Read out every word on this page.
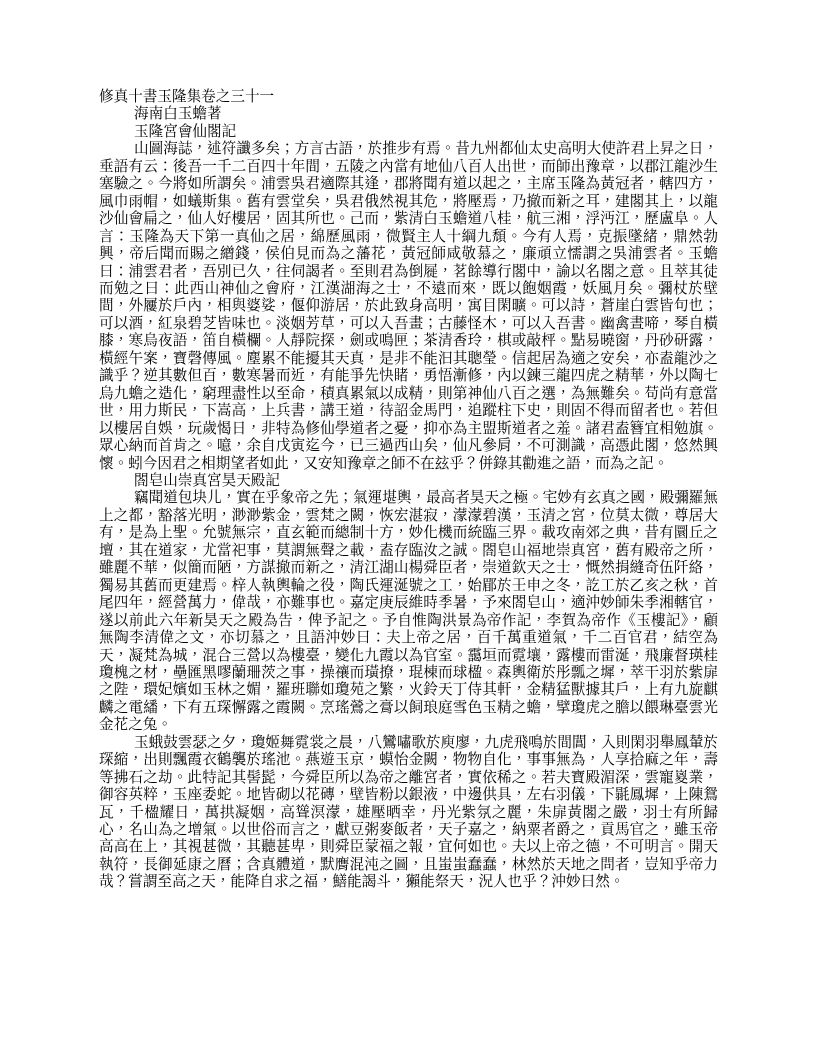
修真十書玉隆集卷之三十一

海南白玉蟾著

玉隆宮會仙閣記

山圖海誌，述符讖多矣；方言古語，於推步有焉。昔九州都仙太史高明大使許君上昇之日，垂語有云：後吾一千二百四十年間，五陵之內當有地仙八百人出世，而師出豫章，以郡江龍沙生塞驗之。今將如所謂矣。浦雲吳君適際其逢，郡將聞有道以起之，主席玉隆為黃冠者，轄四方，風巾雨帽，如蟻斯集。舊有雲堂矣，吳君俄然視其危，將壓焉，乃撤而新之耳，建閣其上，以龍沙仙會扁之，仙人好樓居，固其所也。己而，紫清白玉蟾道八桂，航三湘，浮沔江，歷盧阜。人言：玉隆為天下第一真仙之居，綿歷風雨，微賢主人十綱九頹。今有人焉，克振墜緒，鼎然勃興，帝后聞而賜之繒錢，侯伯見而為之藩花，黃冠師咸敬慕之，廉頑立懦謂之吳浦雲者。玉蟾曰：浦雲君者，吾別已久，往伺謁者。至則君為倒屣，茗餘導行閣中，諭以名閣之意。且萃其徒而勉之曰：此西山神仙之會府，江漢湖海之士，不遠而來，既以飽姻霞，妖風月矣。彌杖於壁間，外屨於戶內，相與婆娑，偃仰游居，於此致身高明，寓目閑曠。可以詩，蒼崖白雲皆句也；可以酒，紅泉碧芝皆味也。淡姻芳草，可以入吾畫；古藤怪木，可以入吾書。幽禽晝啼，琴自橫膝，寒烏夜語，笛自橫欄。人靜院探，劍或鳴匣；茶清香玲，棋或敲枰。點易曉窗，丹砂研露，橫經午案，寶磬傳風。塵累不能擾其天真，是非不能汩其聰瑩。信起居為適之安矣，亦盍龍沙之識乎？逆其數但百，數寒暑而近，有能爭先快睹，勇悟漸修，內以鍊三龍四虎之精華，外以陶七烏九蟾之造化，窮理盡性以至命，積真累氣以成精，則第神仙八百之選，為無難矣。苟尚有意當世，用力斯民，下嵩高，上兵書，講王道，待詔金馬門，追蹤柱下史，則固不得而留者也。若但以樓居自娛，玩歲愒日，非特為修仙學道者之憂，抑亦為主盟斯道者之羞。諸君盍簪宜相勉旗。眾心納而首肯之。噫，余自戊寅迄今，已三過西山矣，仙凡參肩，不可測識，高憑此閣，悠然興懷。蚓今因君之相期望者如此，又安知豫章之師不在玆乎？併錄其勸進之語，而為之記。

閤皂山崇真宮昊天殿記

竊聞道包块儿，實在乎象帝之先；氣運堪輿，最高者昊天之極。宅妙有玄真之國，殿彌羅無上之都，豁落光明，渺渺紫金，雲梵之闕，恢宏湛寂，濛濛碧漢，玉清之宮，位莫太微，尊居大有，是為上聖。允號無宗，直玄範而總制十方，妙化機而統臨三界。載攻南郊之典，昔有圜丘之壇，其在道家，尤當祀事，莫謂無聲之載，盍存臨汝之誠。閤皂山福地崇真宮，舊有殿帝之所，雖麗不華，似簡而陋，方謀撤而新之，清江湖山楊舜臣者，崇道欽天之士，慨然捐縫奇伍阡絡，獨易其舊而更建焉。梓人執輿輪之役，陶氏運涎號之工，始郿於壬申之冬，訖工於乙亥之秋，首尾四年，經營萬力，偉哉，亦難事也。嘉定庚辰維時季暑，予來閤皂山，適沖妙師朱季湘轄官，遂以前此六年新昊天之殿為告，俾予記之。予自惟陶洪景為帝作記，李賀為帝作《玉樓記》，顧無陶李清偉之文，亦切慕之，且語沖妙曰：夫上帝之居，百千萬重道氣，千二百官君，結空為天，凝梵為城，混合三營以為樓臺，變化九霞以為官室。靄垣而霓壤，露樓而雷涎，飛廉督瑛桂瓊槐之材，壘匯黑嘐蘭珊茨之事，操禳而璜撩，琨棟而球楹。森輿衛於彤瓢之墀，萃干羽於紫扉之陛，環妃嬪如玉林之媚，羅班聯如瓊苑之繁，火鈴天丁侍其軒，金精猛獸據其戶，上有九旋麒麟之電繙，下有五琛懈露之霞闕。烹瑤鶯之膏以飼琅庭雪色玉精之蟾，擘瓊虎之膽以餵琳臺雲光金花之兔。

玉蛾鼓雲瑟之夕，瓊姬舞霓裳之晨，八鸞嘯歌於庾廖，九虎飛鳴於間閶，入則閑羽舉鳳輦於琛縮，出則飄霞衣鶴襲於瑤池。燕遊玉京，蟆怡金闕，物物自化，事事無為，人享拾麻之年，壽等拂石之劫。此特記其髻髭，今舜臣所以為帝之離宮者，實依稀之。若夫寶殿湄深，雲寵嵏業，御容英粹，玉座委蛇。地皆砌以花磚，壁皆粉以銀液，中邊供具，左右羽儀，下毾鳳墀，上陳鴛瓦，千楹耀日，萬拱凝姻，高聳溟濛，雄壓晒幸，丹光紫氛之麗，朱扉黃閣之嚴，羽士有所歸心，名山為之增氣。以世俗而言之，獻豆粥麥飯者，天子嘉之，納粟者爵之，貢馬官之，雖玉帝高高在上，其視甚微，其聽甚卑，則舜臣蒙福之報，宜何如也。夫以上帝之德，不可明言。開天執符，長御延康之曆；含真體道，默膺混沌之圖，且蚩蚩蠢蠢，林然於天地之問者，豈知乎帝力哉？嘗謂至高之天，能降自求之福，鱔能謁斗，獺能祭天，況人也乎？沖妙曰然。
